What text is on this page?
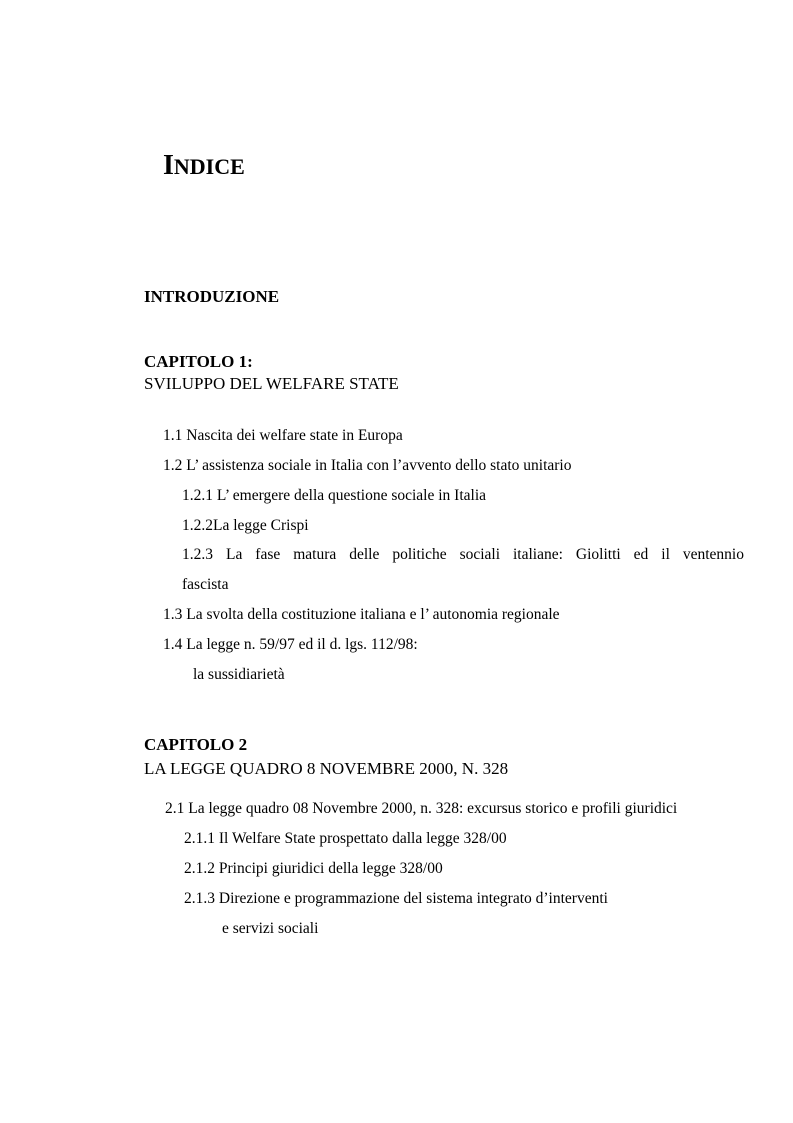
INDICE
INTRODUZIONE
CAPITOLO 1:
SVILUPPO DEL WELFARE STATE
1.1 Nascita dei welfare state in Europa
1.2 L’ assistenza sociale in Italia con l’avvento dello stato unitario
1.2.1 L’ emergere della questione sociale in Italia
1.2.2La legge Crispi
1.2.3 La fase matura delle politiche sociali italiane: Giolitti ed il ventennio
fascista
1.3 La svolta della costituzione italiana e l’ autonomia regionale
1.4 La legge n. 59/97 ed il d. lgs. 112/98:
la sussidiarietà
CAPITOLO 2
LA LEGGE QUADRO 8 NOVEMBRE 2000, N. 328
2.1 La legge quadro 08 Novembre 2000, n. 328: excursus storico e profili giuridici
2.1.1 Il Welfare State prospettato dalla legge 328/00
2.1.2 Principi giuridici della legge 328/00
2.1.3 Direzione e programmazione del sistema integrato d’interventi
e servizi sociali
